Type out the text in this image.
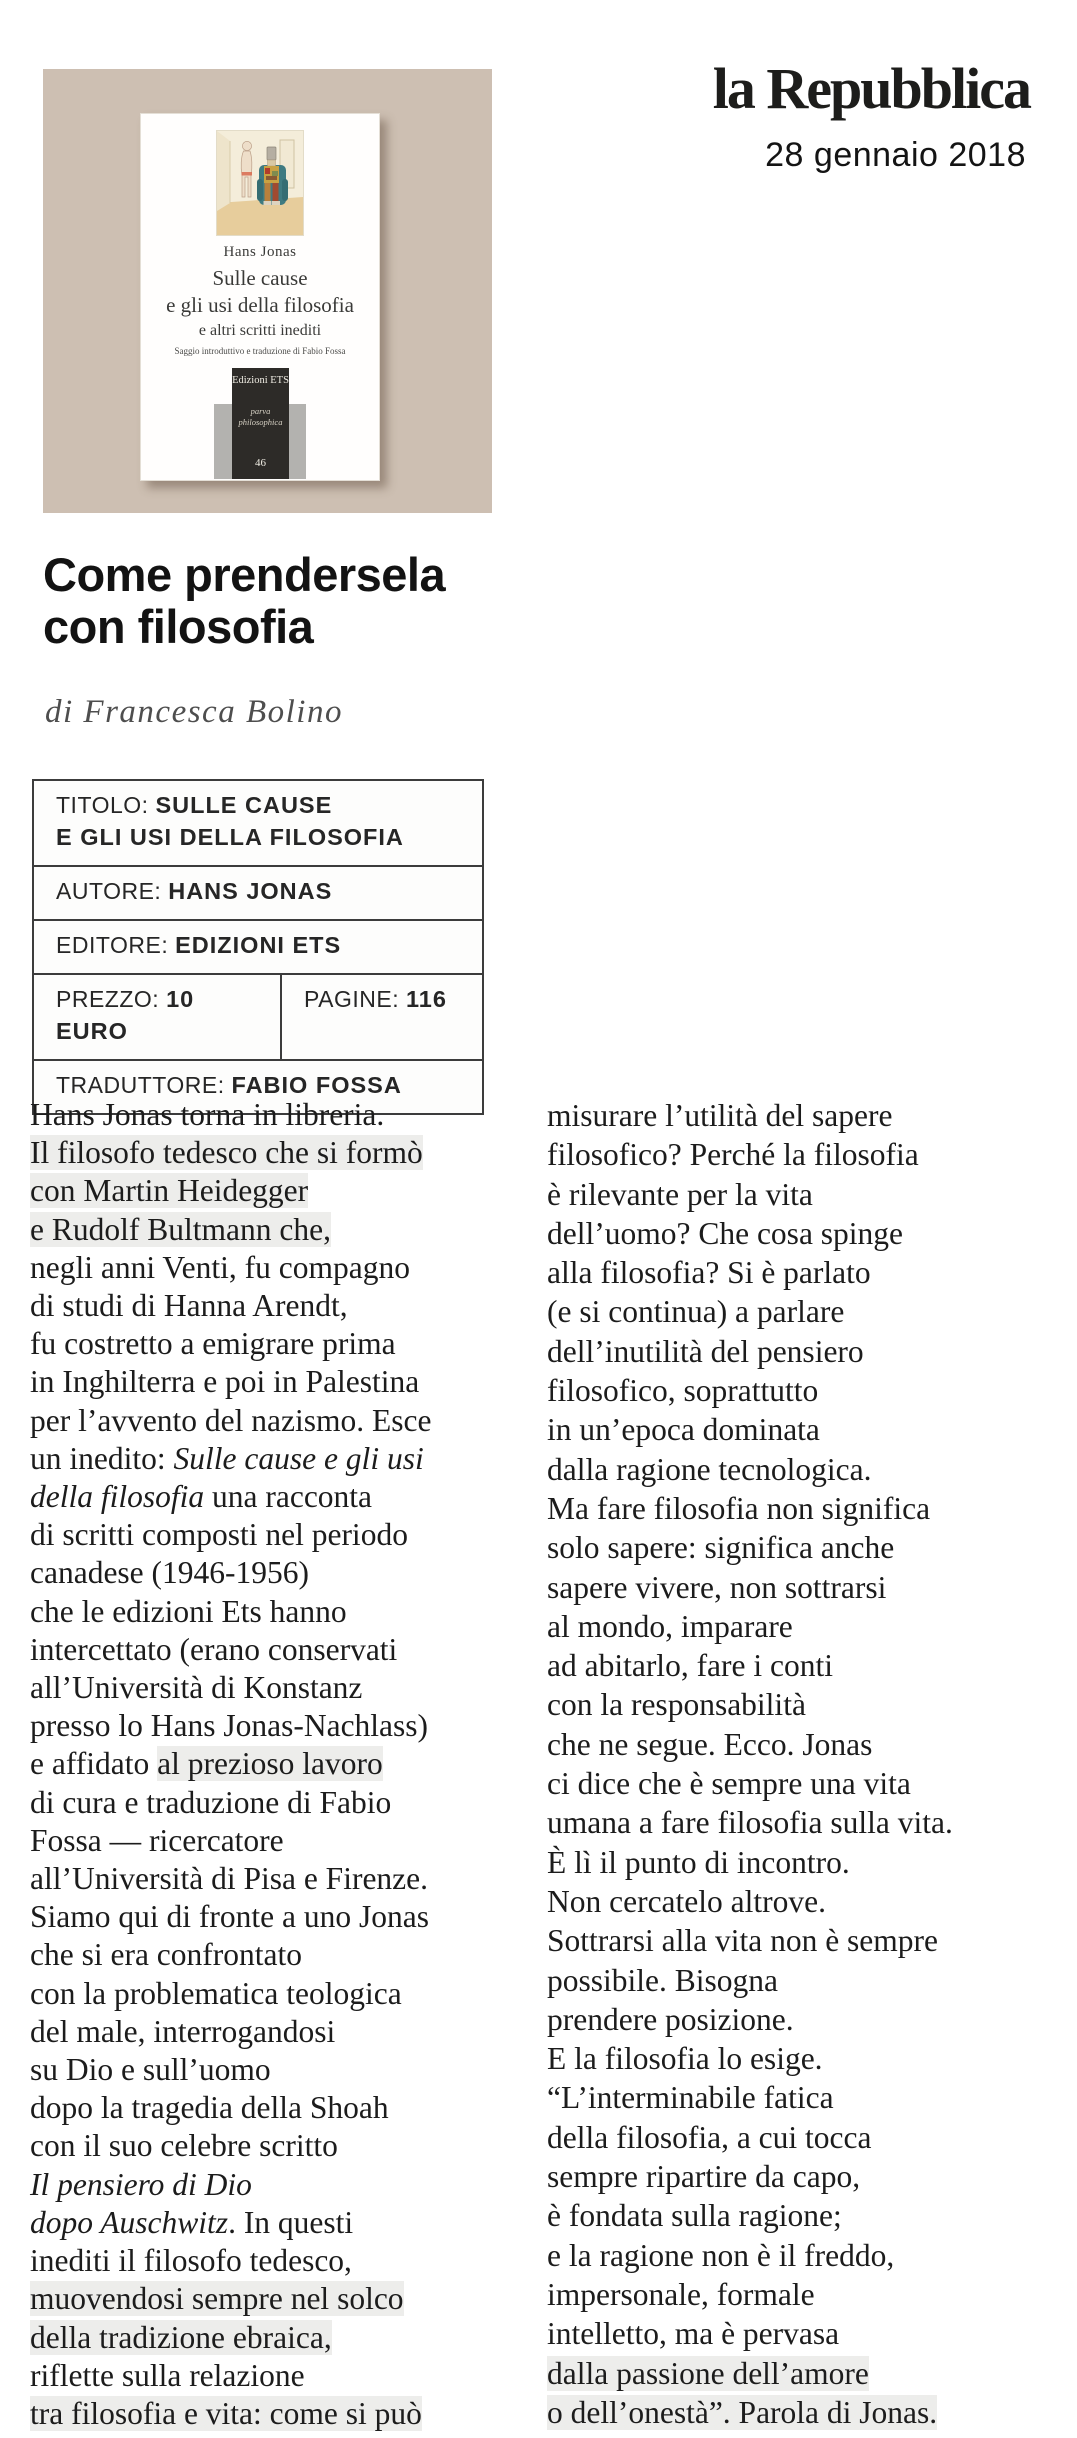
Hans Jonas
Sulle cause
e gli usi della filosofia
e altri scritti inediti
Saggio introduttivo e traduzione di Fabio Fossa
Edizioni ETS
parva
philosophica
46
la Repubblica
28 gennaio 2018
Come prendersela
con filosofia
di Francesca Bolino
TITOLO: SULLE CAUSE
E GLI USI DELLA FILOSOFIA
AUTORE: HANS JONAS
EDITORE: EDIZIONI ETS
PREZZO: 10 EURO
PAGINE: 116
TRADUTTORE: FABIO FOSSA
Hans Jonas torna in libreria.
Il filosofo tedesco che si formò
con Martin Heidegger
e Rudolf Bultmann che,
negli anni Venti, fu compagno
di studi di Hanna Arendt,
fu costretto a emigrare prima
in Inghilterra e poi in Palestina
per l’avvento del nazismo. Esce
un inedito: Sulle cause e gli usi
della filosofia una racconta
di scritti composti nel periodo
canadese (1946-1956)
che le edizioni Ets hanno
intercettato (erano conservati
all’Università di Konstanz
presso lo Hans Jonas-Nachlass)
e affidato al prezioso lavoro
di cura e traduzione di Fabio
Fossa — ricercatore
all’Università di Pisa e Firenze.
Siamo qui di fronte a uno Jonas
che si era confrontato
con la problematica teologica
del male, interrogandosi
su Dio e sull’uomo
dopo la tragedia della Shoah
con il suo celebre scritto
Il pensiero di Dio
dopo Auschwitz. In questi
inediti il filosofo tedesco,
muovendosi sempre nel solco
della tradizione ebraica,
riflette sulla relazione
tra filosofia e vita: come si può
misurare l’utilità del sapere
filosofico? Perché la filosofia
è rilevante per la vita
dell’uomo? Che cosa spinge
alla filosofia? Si è parlato
(e si continua) a parlare
dell’inutilità del pensiero
filosofico, soprattutto
in un’epoca dominata
dalla ragione tecnologica.
Ma fare filosofia non significa
solo sapere: significa anche
sapere vivere, non sottrarsi
al mondo, imparare
ad abitarlo, fare i conti
con la responsabilità
che ne segue. Ecco. Jonas
ci dice che è sempre una vita
umana a fare filosofia sulla vita.
È lì il punto di incontro.
Non cercatelo altrove.
Sottrarsi alla vita non è sempre
possibile. Bisogna
prendere posizione.
E la filosofia lo esige.
“L’interminabile fatica
della filosofia, a cui tocca
sempre ripartire da capo,
è fondata sulla ragione;
e la ragione non è il freddo,
impersonale, formale
intelletto, ma è pervasa
dalla passione dell’amore
o dell’onestà”. Parola di Jonas.
